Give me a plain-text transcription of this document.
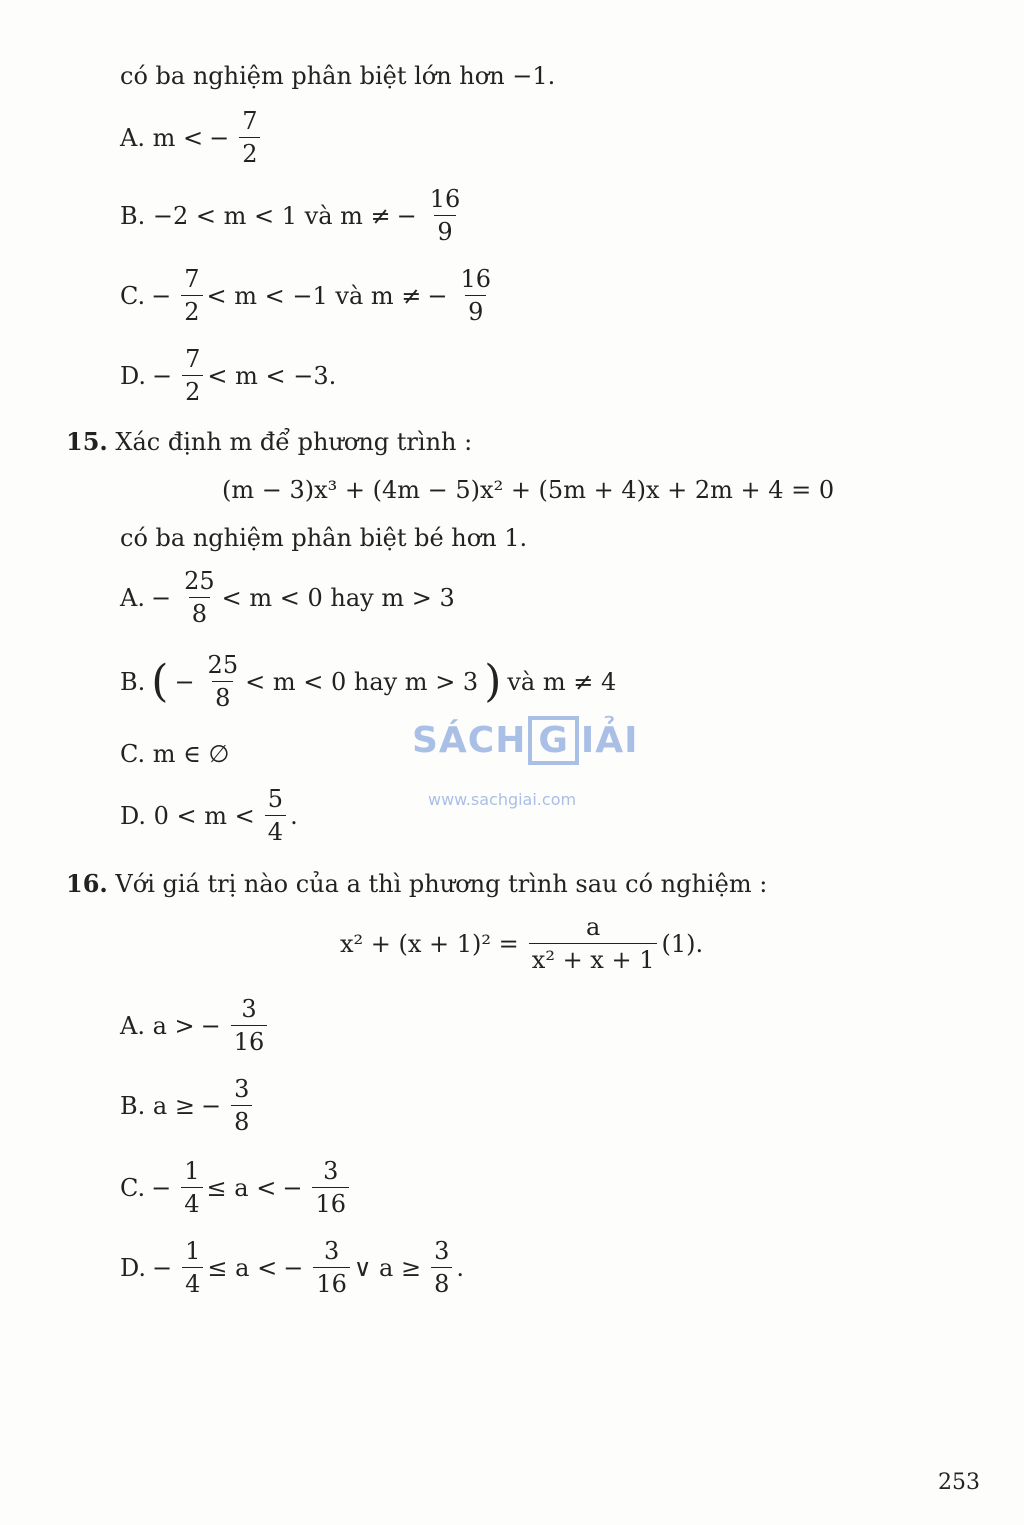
có ba nghiệm phân biệt lớn hơn −1.
A. m < − $\frac{7}{2}$
B. −2 < m < 1 và m ≠ − $\frac{16}{9}$
C. − $\frac{7}{2} < m < -1$ và m ≠ − $\frac{16}{9}$
D. − $\frac{7}{2} < m < -3$.
15. Xác định m để phương trình :
(m − 3)x³ + (4m − 5)x² + (5m + 4)x + 2m + 4 = 0
có ba nghiệm phân biệt bé hơn 1.
A. − $\frac{25}{8} < m < 0$ hay m > 3
B. ( − $\frac{25}{8} < m < 0$ hay m > 3 ) và m ≠ 4
C. m ∈ ∅
D. $0 < m < \frac{5}{4}$ .
SÁCH G IẢI
www.sachgiai.com
16. Với giá trị nào của a thì phương trình sau có nghiệm :
$x^2 + (x + 1)^2 = \frac{a}{\text{x² + x + 1}} (1)$.
A. a > − $\frac{3}{16}$
B. a ≥ − $\frac{3}{8}$
C. − $\frac{1}{4} \le a$ < − $\frac{3}{16}$
D. − $\frac{1}{4} \le a$ < − $\frac{3}{16}$ ∨ $a \ge \frac{3}{8}$ .
253
